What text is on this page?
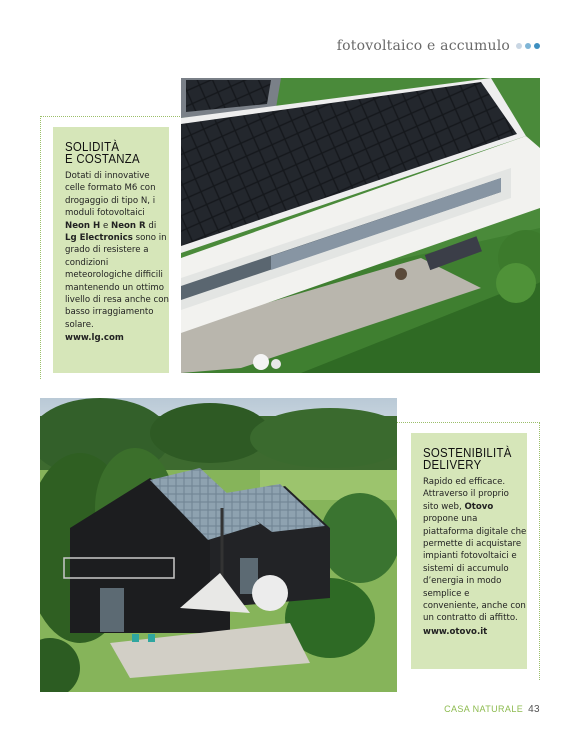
fotovoltaico e accumulo
SOLIDITÀ
E COSTANZA

Dotati di innovative celle formato M6 con drogaggio di tipo N, i moduli fotovoltaici Neon H e Neon R di Lg Electronics sono in grado di resistere a condizioni meteorologiche difficili mantenendo un ottimo livello di resa anche con basso irraggiamento solare.
www.lg.com

SOSTENIBILITÀ
DELIVERY

Rapido ed efficace. Attraverso il proprio sito web, Otovo propone una piattaforma digitale che permette di acquistare impianti fotovoltaici e sistemi di accumulo d’energia in modo semplice e conveniente, anche con un contratto di affitto.
www.otovo.it

CASA NATURALE 43
